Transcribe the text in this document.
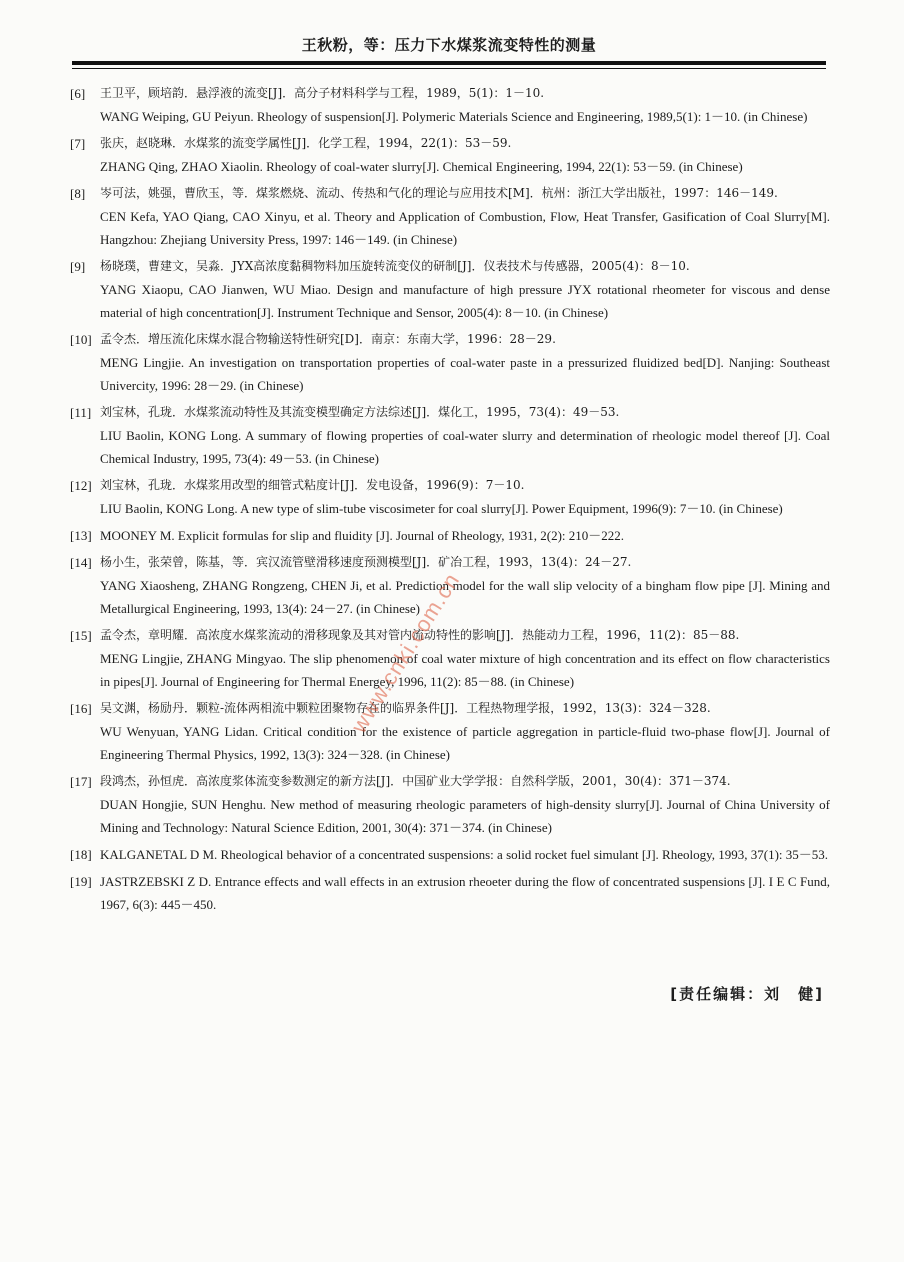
王秋粉，等：压力下水煤浆流变特性的测量
[6] 王卫平，顾培韵．悬浮液的流变[J]．高分子材料科学与工程，1989，5(1)：1－10.
WANG Weiping, GU Peiyun. Rheology of suspension[J]. Polymeric Materials Science and Engineering, 1989,5(1): 1－10. (in Chinese)
[7] 张庆，赵晓琳．水煤浆的流变学属性[J]．化学工程，1994，22(1)：53－59.
ZHANG Qing, ZHAO Xiaolin. Rheology of coal-water slurry[J]. Chemical Engineering, 1994, 22(1): 53－59. (in Chinese)
[8] 岑可法，姚强，曹欣玉，等．煤浆燃烧、流动、传热和气化的理论与应用技术[M]．杭州：浙江大学出版社，1997：146－149.
CEN Kefa, YAO Qiang, CAO Xinyu, et al. Theory and Application of Combustion, Flow, Heat Transfer, Gasification of Coal Slurry[M]. Hangzhou: Zhejiang University Press, 1997: 146－149. (in Chinese)
[9] 杨晓璞，曹建文，吴淼．JYX高浓度黏稠物料加压旋转流变仪的研制[J]．仪表技术与传感器，2005(4)：8－10.
YANG Xiaopu, CAO Jianwen, WU Miao. Design and manufacture of high pressure JYX rotational rheometer for viscous and dense material of high concentration[J]. Instrument Technique and Sensor, 2005(4): 8－10. (in Chinese)
[10] 孟令杰．增压流化床煤水混合物输送特性研究[D]．南京：东南大学，1996：28－29.
MENG Lingjie. An investigation on transportation properties of coal-water paste in a pressurized fluidized bed[D]. Nanjing: Southeast Univercity, 1996: 28－29. (in Chinese)
[11] 刘宝林，孔珑．水煤浆流动特性及其流变模型确定方法综述[J]．煤化工，1995，73(4)：49－53.
LIU Baolin, KONG Long. A summary of flowing properties of coal-water slurry and determination of rheologic model thereof [J]. Coal Chemical Industry, 1995, 73(4): 49－53. (in Chinese)
[12] 刘宝林，孔珑．水煤浆用改型的细管式粘度计[J]．发电设备，1996(9)：7－10.
LIU Baolin, KONG Long. A new type of slim-tube viscosimeter for coal slurry[J]. Power Equipment, 1996(9): 7－10. (in Chinese)
[13] MOONEY M. Explicit formulas for slip and fluidity [J]. Journal of Rheology, 1931, 2(2): 210－222.
[14] 杨小生，张荣曾，陈基，等．宾汉流管壁滑移速度预测模型[J]．矿冶工程，1993，13(4)：24－27.
YANG Xiaosheng, ZHANG Rongzeng, CHEN Ji, et al. Prediction model for the wall slip velocity of a bingham flow pipe [J]. Mining and Metallurgical Engineering, 1993, 13(4): 24－27. (in Chinese)
[15] 孟令杰，章明耀．高浓度水煤浆流动的滑移现象及其对管内流动特性的影响[J]．热能动力工程，1996，11(2)：85－88.
MENG Lingjie, ZHANG Mingyao. The slip phenomenon of coal water mixture of high concentration and its effect on flow characteristics in pipes[J]. Journal of Engineering for Thermal Energey, 1996, 11(2): 85－88. (in Chinese)
[16] 吴文渊，杨励丹．颗粒-流体两相流中颗粒团聚物存在的临界条件[J]．工程热物理学报，1992，13(3)：324－328.
WU Wenyuan, YANG Lidan. Critical condition for the existence of particle aggregation in particle-fluid two-phase flow[J]. Journal of Engineering Thermal Physics, 1992, 13(3): 324－328. (in Chinese)
[17] 段鸿杰，孙恒虎．高浓度浆体流变参数测定的新方法[J]．中国矿业大学学报：自然科学版，2001，30(4)：371－374.
DUAN Hongjie, SUN Henghu. New method of measuring rheologic parameters of high-density slurry[J]. Journal of China University of Mining and Technology: Natural Science Edition, 2001, 30(4): 371－374. (in Chinese)
[18] KALGANETAL D M. Rheological behavior of a concentrated suspensions: a solid rocket fuel simulant [J]. Rheology, 1993, 37(1): 35－53.
[19] JASTRZEBSKI Z D. Entrance effects and wall effects in an extrusion rheoeter during the flow of concentrated suspensions [J]. I E C Fund, 1967, 6(3): 445－450.
[责任编辑：刘　健]
www.cnki.com.cn
